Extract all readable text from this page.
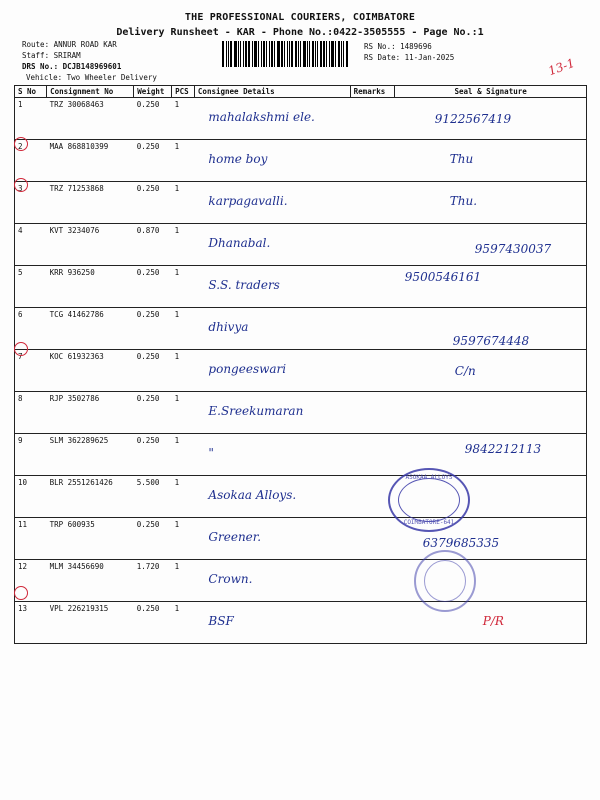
THE PROFESSIONAL COURIERS, COIMBATORE
Delivery Runsheet - KAR - Phone No.:0422-3505555 - Page No.:1
Route: ANNUR ROAD KAR
Staff: SRIRAM
DRS No.: DCJB148969601
Vehicle: Two Wheeler Delivery
RS No.: 1489696
RS Date: 11-Jan-2025	13-1
S No	Consignment No	Weight	PCS	Consignee Details	Remarks	Seal & Signature
1	TRZ 30068463	0.250	1	mahalakshmi ele.		9122567419

2	MAA 868810399	0.250	1	home boy		Thu

3	TRZ 71253868	0.250	1	karpagavalli.		Thu.

4	KVT 3234076	0.870	1	Dhanabal.		9597430037

5	KRR 936250	0.250	1	S.S. traders		9500546161

6	TCG 41462786	0.250	1	dhivya		9597674448

7	KOC 61932363	0.250	1	pongeeswari		C/n

8	RJP 3502786	0.250	1	E.Sreekumaran		

9	SLM 362289625	0.250	1	"		9842212113

10	BLR 2551261426	5.500	1	Asokaa Alloys.		

11	TRP 600935	0.250	1	Greener.		6379685335

12	MLM 34456690	1.720	1	Crown.		

13	VPL 226219315	0.250	1	BSF		P/R
ASOKAA ALLOYS
COIMBATORE-641
